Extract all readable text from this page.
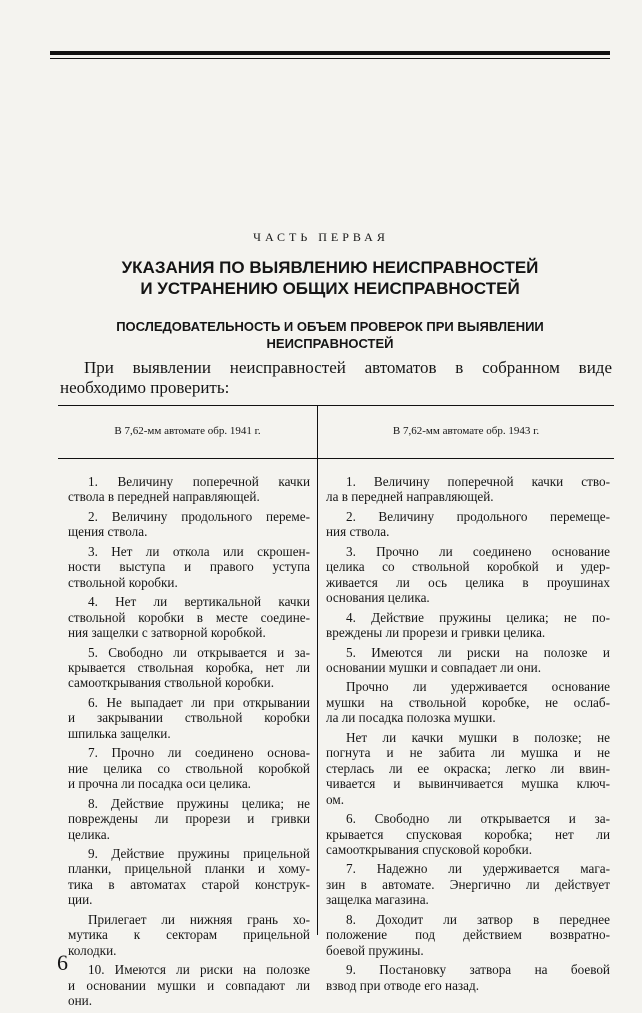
ЧАСТЬ ПЕРВАЯ
УКАЗАНИЯ ПО ВЫЯВЛЕНИЮ НЕИСПРАВНОСТЕЙ
И УСТРАНЕНИЮ ОБЩИХ НЕИСПРАВНОСТЕЙ
ПОСЛЕДОВАТЕЛЬНОСТЬ И ОБЪЕМ ПРОВЕРОК ПРИ ВЫЯВЛЕНИИ
НЕИСПРАВНОСТЕЙ
При выявлении неисправностей автоматов в собранном виде
необходимо проверить:
В 7,62-мм автомате обр. 1941 г.	В 7,62-мм автомате обр. 1943 г.

1. Величину поперечной качки
ствола в передней направляющей.

2. Величину продольного переме-
щения ствола.

3. Нет ли откола или скрошен-
ности выступа и правого уступа
ствольной коробки.

4. Нет ли вертикальной качки
ствольной коробки в месте соедине-
ния защелки с затворной коробкой.

5. Свободно ли открывается и за-
крывается ствольная коробка, нет ли
самооткрывания ствольной коробки.

6. Не выпадает ли при открывании
и закрывании ствольной коробки
шпилька защелки.

7. Прочно ли соединено основа-
ние целика со ствольной коробкой
и прочна ли посадка оси целика.

8. Действие пружины целика; не
повреждены ли прорези и гривки
целика.

9. Действие пружины прицельной
планки, прицельной планки и хому-
тика в автоматах старой конструк-
ции.

Прилегает ли нижняя грань хо-
мутика к секторам прицельной
колодки.

10. Имеются ли риски на полозке
и основании мушки и совпадают ли
они.

1. Величину поперечной качки ство-
ла в передней направляющей.

2. Величину продольного перемеще-
ния ствола.

3. Прочно ли соединено основание
целика со ствольной коробкой и удер-
живается ли ось целика в проушинах
основания целика.

4. Действие пружины целика; не по-
вреждены ли прорези и гривки целика.

5. Имеются ли риски на полозке и
основании мушки и совпадает ли они.

Прочно ли удерживается основание
мушки на ствольной коробке, не ослаб-
ла ли посадка полозка мушки.

Нет ли качки мушки в полозке; не
погнута и не забита ли мушка и не
стерлась ли ее окраска; легко ли ввин-
чивается и вывинчивается мушка ключ-
ом.

6. Свободно ли открывается и за-
крывается спусковая коробка; нет ли
самооткрывания спусковой коробки.

7. Надежно ли удерживается мага-
зин в автомате. Энергично ли действует
защелка магазина.

8. Доходит ли затвор в переднее
положение под действием возвратно-
боевой пружины.

9. Постановку затвора на боевой
взвод при отводе его назад.

6
